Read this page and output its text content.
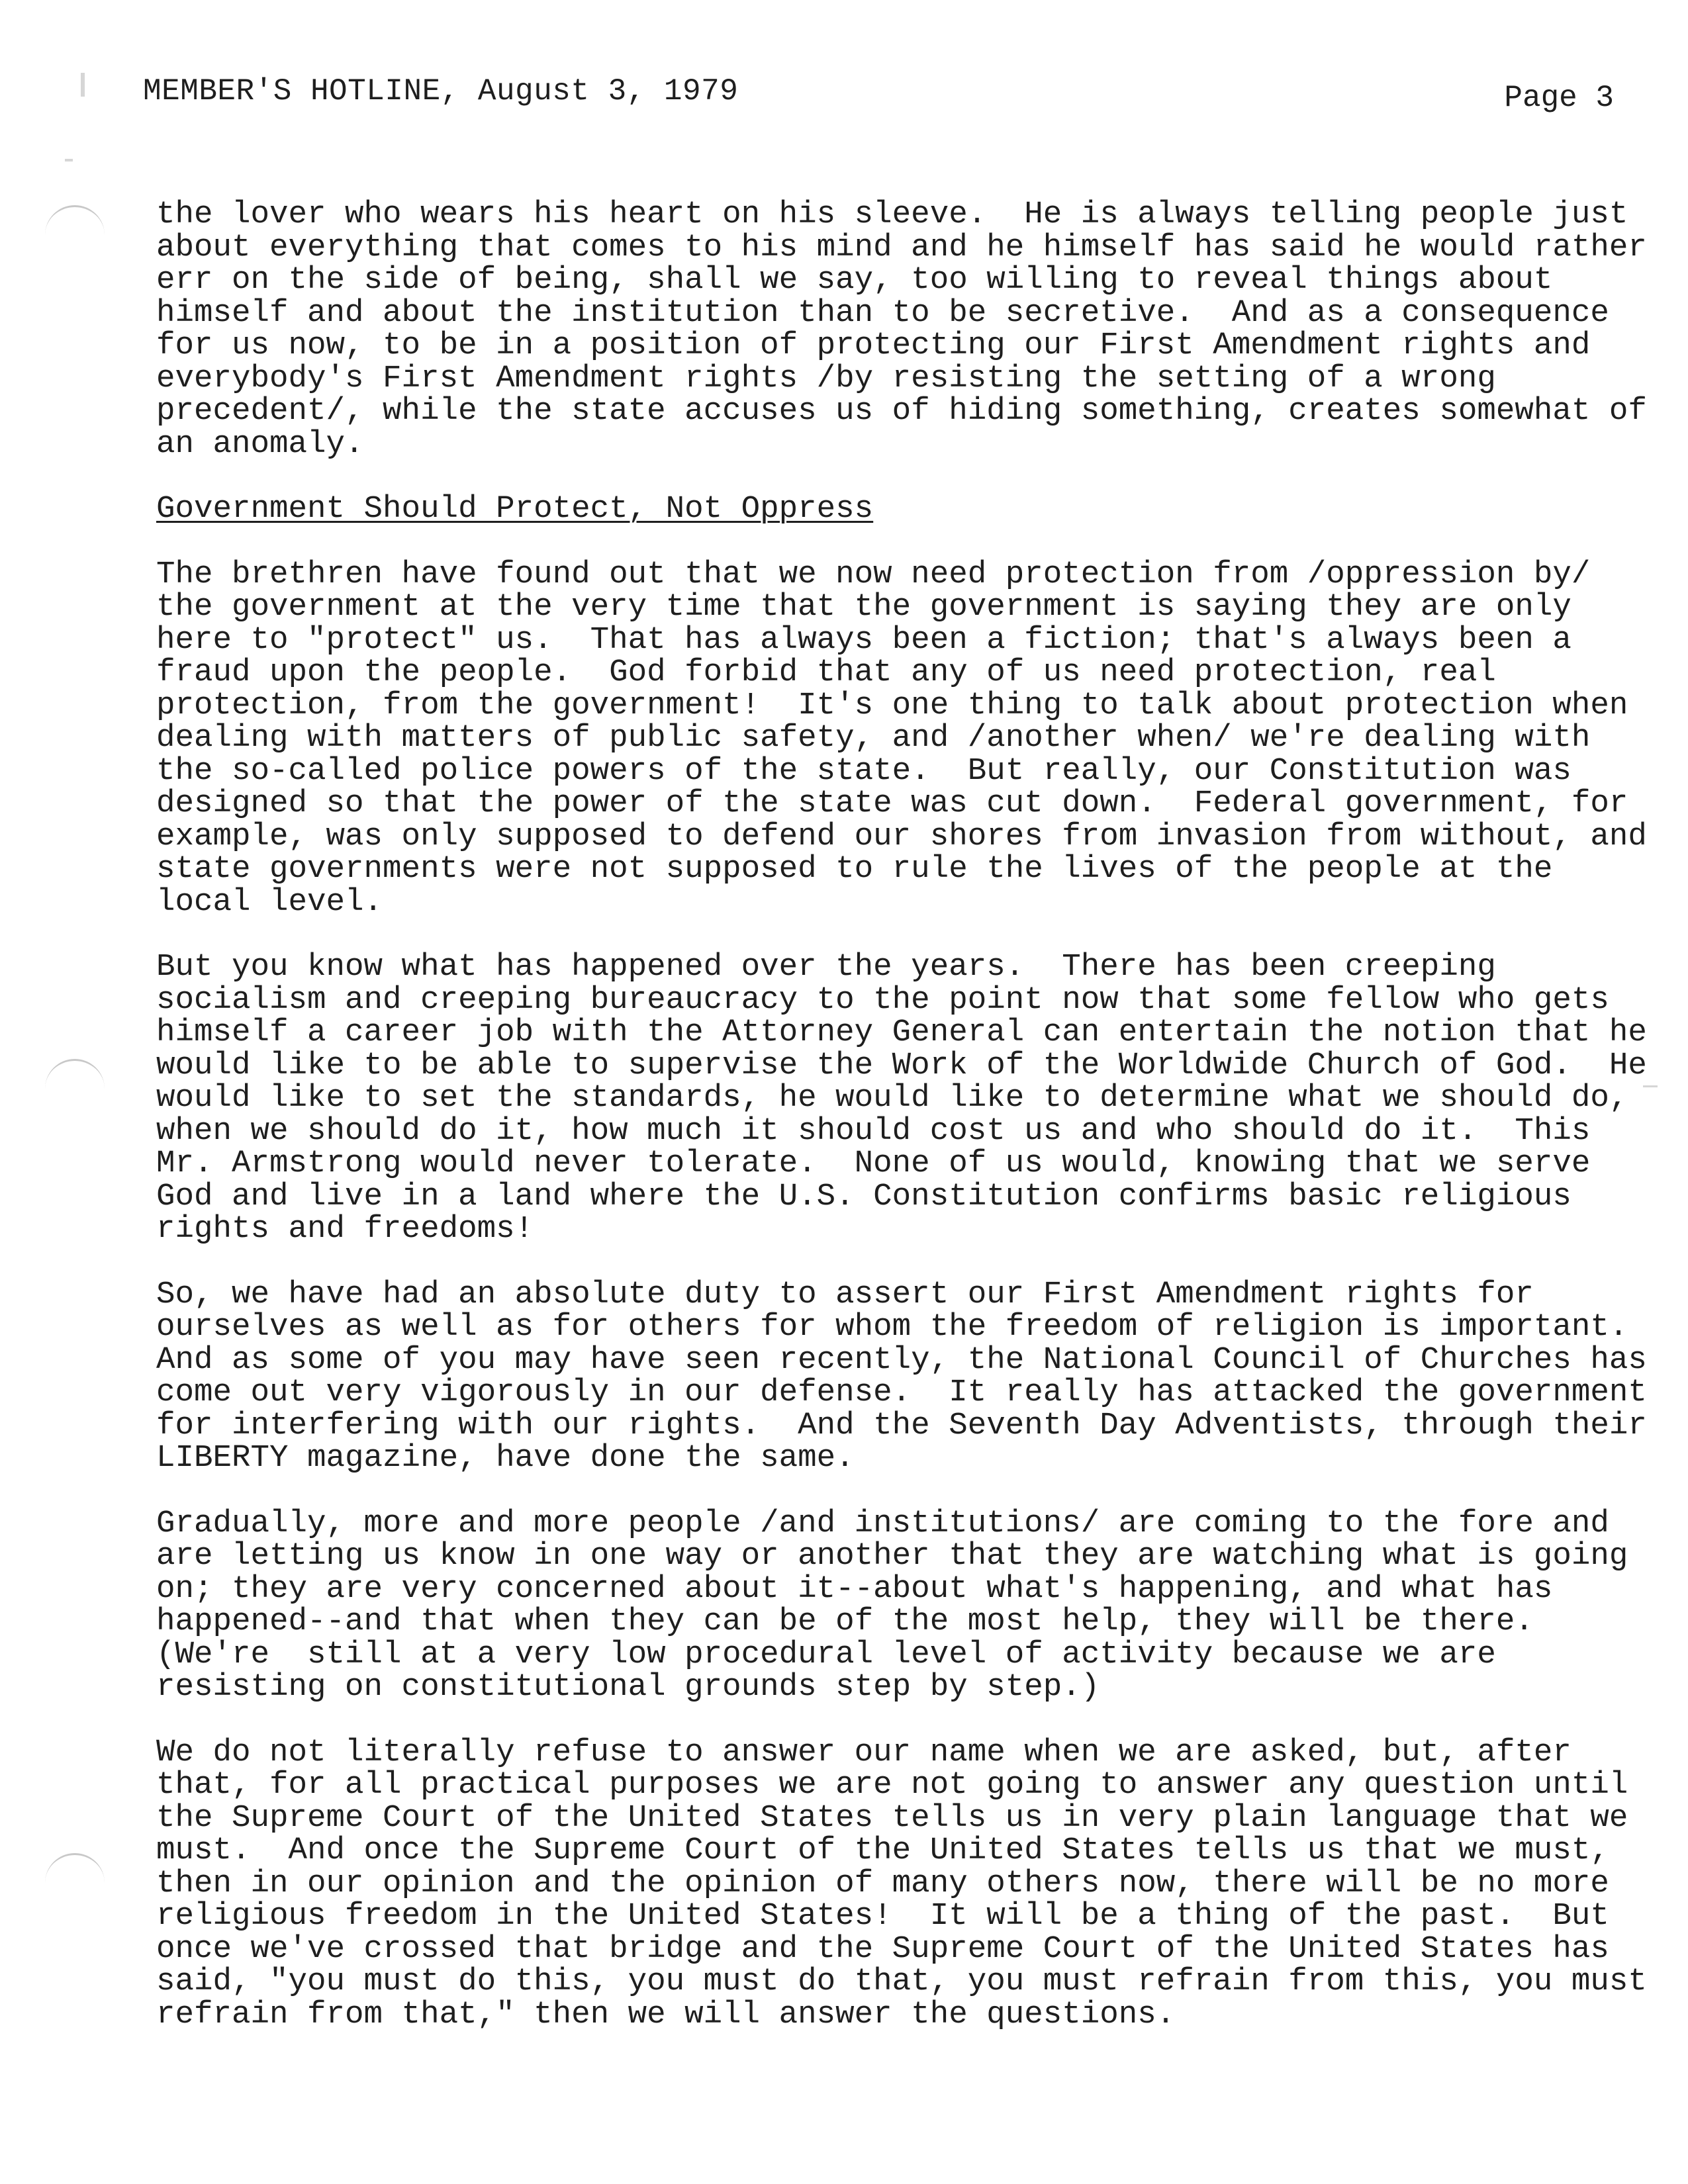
MEMBER'S HOTLINE, August 3, 1979	Page 3

the lover who wears his heart on his sleeve.  He is always telling people just about everything that comes to his mind and he himself has said he would rather err on the side of being, shall we say, too willing to reveal things about himself and about the institution than to be secretive.  And as a consequence for us now, to be in a position of protecting our First Amendment rights and everybody's First Amendment rights /by resisting the setting of a wrong precedent/, while the state accuses us of hiding something, creates somewhat of an anomaly.

Government Should Protect, Not Oppress

The brethren have found out that we now need protection from /oppression by/ the government at the very time that the government is saying they are only here to "protect" us.  That has always been a fiction; that's always been a fraud upon the people.  God forbid that any of us need protection, real protection, from the government!  It's one thing to talk about protection when dealing with matters of public safety, and /another when/ we're dealing with the so-called police powers of the state.  But really, our Constitution was designed so that the power of the state was cut down.  Federal government, for example, was only supposed to defend our shores from invasion from without, and state governments were not supposed to rule the lives of the people at the local level.

But you know what has happened over the years.  There has been creeping socialism and creeping bureaucracy to the point now that some fellow who gets himself a career job with the Attorney General can entertain the notion that he would like to be able to supervise the Work of the Worldwide Church of God.  He would like to set the standards, he would like to determine what we should do, when we should do it, how much it should cost us and who should do it.  This Mr. Armstrong would never tolerate.  None of us would, knowing that we serve God and live in a land where the U.S. Constitution confirms basic religious rights and freedoms!

So, we have had an absolute duty to assert our First Amendment rights for ourselves as well as for others for whom the freedom of religion is important.  And as some of you may have seen recently, the National Council of Churches has come out very vigorously in our defense.  It really has attacked the government for interfering with our rights.  And the Seventh Day Adventists, through their LIBERTY magazine, have done the same.

Gradually, more and more people /and institutions/ are coming to the fore and are letting us know in one way or another that they are watching what is going on; they are very concerned about it--about what's happening, and what has happened--and that when they can be of the most help, they will be there.  (We're  still at a very low procedural level of activity because we are resisting on constitutional grounds step by step.)

We do not literally refuse to answer our name when we are asked, but, after that, for all practical purposes we are not going to answer any question until the Supreme Court of the United States tells us in very plain language that we must.  And once the Supreme Court of the United States tells us that we must, then in our opinion and the opinion of many others now, there will be no more religious freedom in the United States!  It will be a thing of the past.  But once we've crossed that bridge and the Supreme Court of the United States has said, "you must do this, you must do that, you must refrain from this, you must refrain from that," then we will answer the questions.
